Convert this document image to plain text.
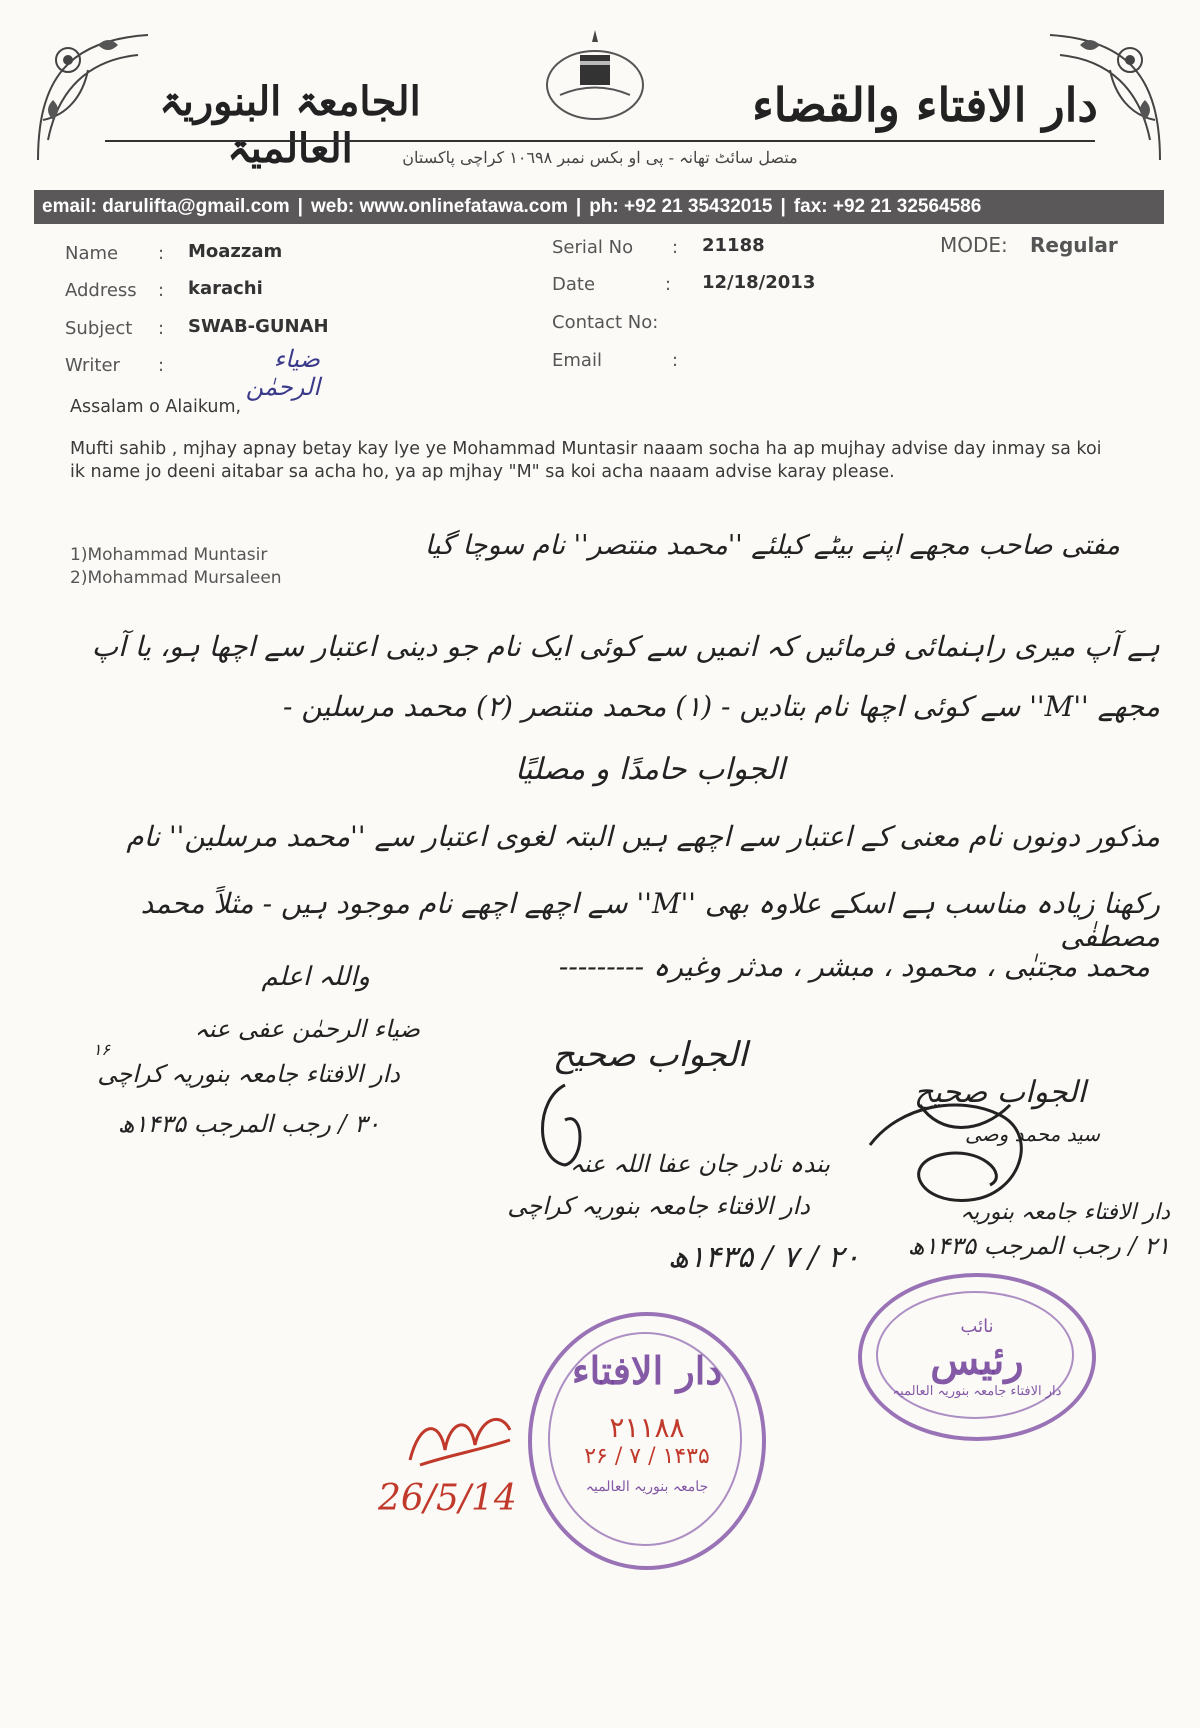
دار الافتاء والقضاء
الجامعۃ البنوریۃ العالمیۃ	متصل سائٹ تھانہ - پی او بکس نمبر ١٠٦٩٨ کراچی پاکستان
email: darulifta@gmail.com | web: www.onlinefatawa.com | ph: +92 21 35432015 | fax: +92 21 32564586
Name : Moazzam
Address : karachi
Subject : SWAB-GUNAH
Writer :	ضیاء الرحمٰن
Serial No : 21188
Date	: 12/18/2013
Contact No:
Email	:
MODE: Regular
Assalam o Alaikum,
Mufti sahib , mjhay apnay betay kay lye ye Mohammad Muntasir naaam socha ha ap mujhay advise day inmay sa koi ik name jo deeni aitabar sa acha ho, ya ap mjhay "M" sa koi acha naaam advise karay please.
1)Mohammad Muntasir
2)Mohammad Mursaleen
مفتی صاحب مجھے اپنے بیٹے کیلئے ''محمد منتصر'' نام سوچا گیا
ہے آپ میری راہنمائی فرمائیں کہ انمیں سے کوئی ایک نام جو دینی اعتبار سے اچھا ہو، یا آپ
مجھے ''M'' سے کوئی اچھا نام بتادیں - (۱) محمد منتصر (۲) محمد مرسلین -
الجواب حامدًا و مصلیًا
مذکور دونوں نام معنی کے اعتبار سے اچھے ہیں البتہ لغوی اعتبار سے ''محمد مرسلین'' نام
رکھنا زیادہ مناسب ہے اسکے علاوہ بھی ''M'' سے اچھے اچھے نام موجود ہیں - مثلاً محمد مصطفٰی
محمد مجتبٰی ، محمود ، مبشر ، مدثر وغیرہ ---------
واللہ اعلم
ضیاء الرحمٰن عفی عنہ
۱۶
دار الافتاء جامعہ بنوریہ کراچی
۳۰ / رجب المرجب ۱۴۳۵ھ
الجواب صحیح
بندہ نادر جان عفا اللہ عنہ
دار الافتاء جامعہ بنوریہ کراچی
۲۰ / ۷ / ۱۴۳۵ھ
الجواب صحیح
سید محمد وصی
دار الافتاء جامعہ بنوریہ
۲۱ / رجب المرجب ۱۴۳۵ھ
نائب
رئیس
دار الافتاء جامعہ بنوریہ العالمیہ
دار الافتاء
۲۱۱۸۸
۱۴۳۵ / ۷ / ۲۶
جامعہ بنوریہ العالمیہ
26/5/14
